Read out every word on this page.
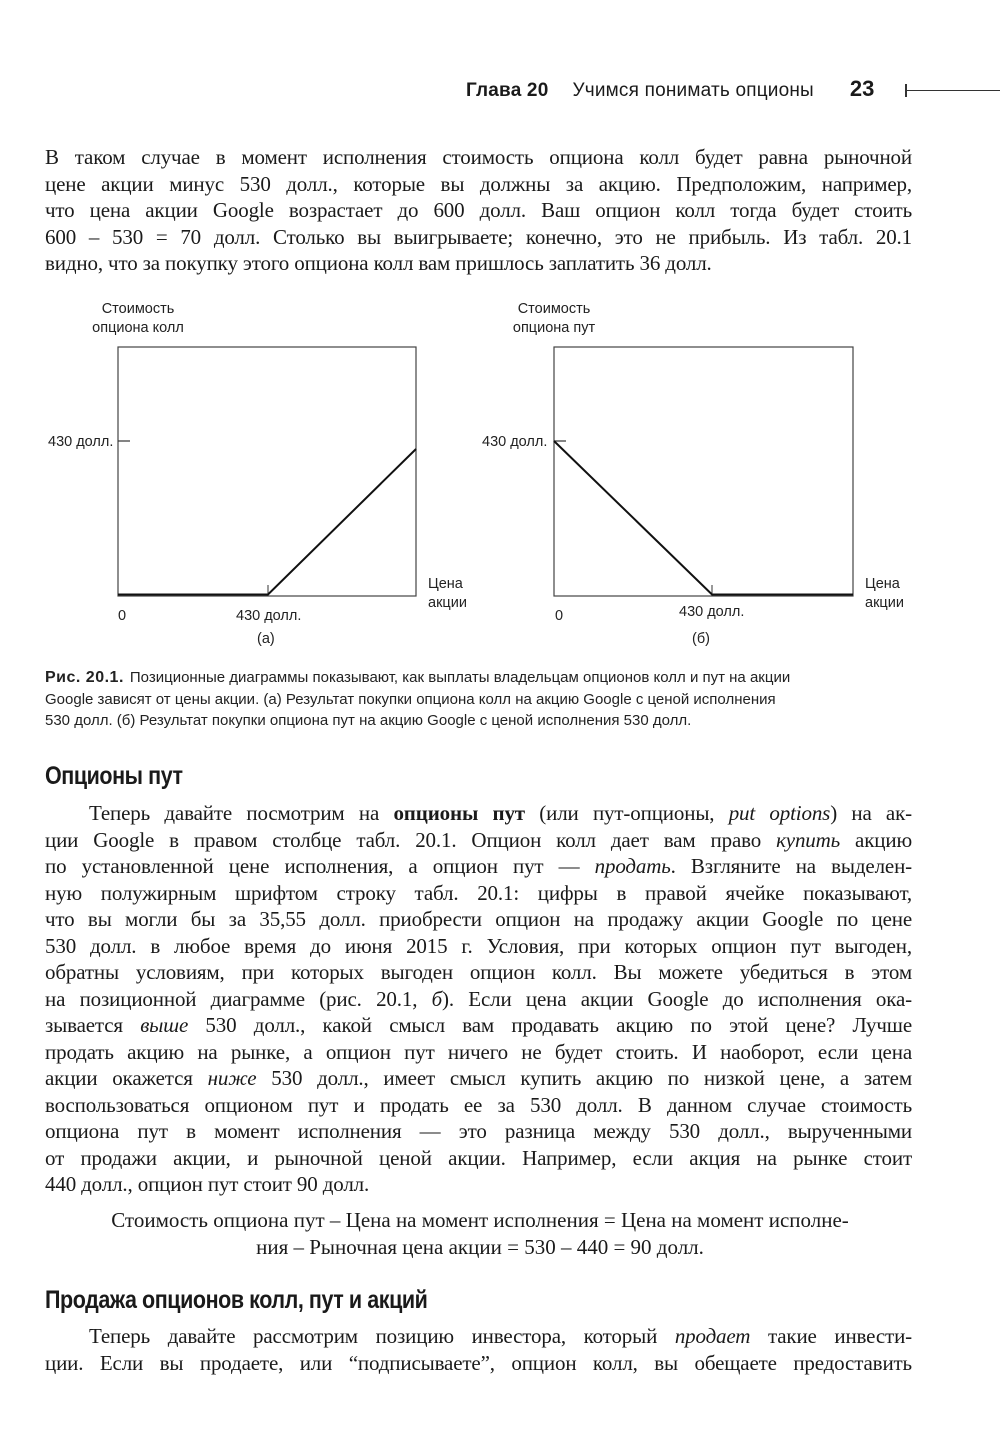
Глава 20 Учимся понимать опционы 23
В таком случае в момент исполнения стоимость опциона колл будет равна рыночной
цене акции минус 530 долл., которые вы должны за акцию. Предположим, например,
что цена акции Google возрастает до 600 долл. Ваш опцион колл тогда будет стоить
600 – 530 = 70 долл. Столько вы выигрываете; конечно, это не прибыль. Из табл. 20.1
видно, что за покупку этого опциона колл вам пришлось заплатить 36 долл.
Стоимость
опциона колл
430 долл.
0	430 долл.
Цена
акции
(a)
Стоимость
опциона пут
430 долл.
0	430 долл.
Цена
акции
(б)
Рис. 20.1. Позиционные диаграммы показывают, как выплаты владельцам опционов колл и пут на акции
Google зависят от цены акции. (а) Результат покупки опциона колл на акцию Google с ценой исполнения
530 долл. (б) Результат покупки опциона пут на акцию Google с ценой исполнения 530 долл.
Опционы пут
Теперь давайте посмотрим на опционы пут (или пут-опционы, put options) на ак-
ции Google в правом столбце табл. 20.1. Опцион колл дает вам право купить акцию
по установленной цене исполнения, а опцион пут — продать. Взгляните на выделен-
ную полужирным шрифтом строку табл. 20.1: цифры в правой ячейке показывают,
что вы могли бы за 35,55 долл. приобрести опцион на продажу акции Google по цене
530 долл. в любое время до июня 2015 г. Условия, при которых опцион пут выгоден,
обратны условиям, при которых выгоден опцион колл. Вы можете убедиться в этом
на позиционной диаграмме (рис. 20.1, б). Если цена акции Google до исполнения ока-
зывается выше 530 долл., какой смысл вам продавать акцию по этой цене? Лучше
продать акцию на рынке, а опцион пут ничего не будет стоить. И наоборот, если цена
акции окажется ниже 530 долл., имеет смысл купить акцию по низкой цене, а затем
воспользоваться опционом пут и продать ее за 530 долл. В данном случае стоимость
опциона пут в момент исполнения — это разница между 530 долл., вырученными
от продажи акции, и рыночной ценой акции. Например, если акция на рынке стоит
440 долл., опцион пут стоит 90 долл.
Стоимость опциона пут – Цена на момент исполнения = Цена на момент исполне-
ния – Рыночная цена акции = 530 – 440 = 90 долл.
Продажа опционов колл, пут и акций
Теперь давайте рассмотрим позицию инвестора, который продает такие инвести-
ции. Если вы продаете, или “подписываете”, опцион колл, вы обещаете предоставить
